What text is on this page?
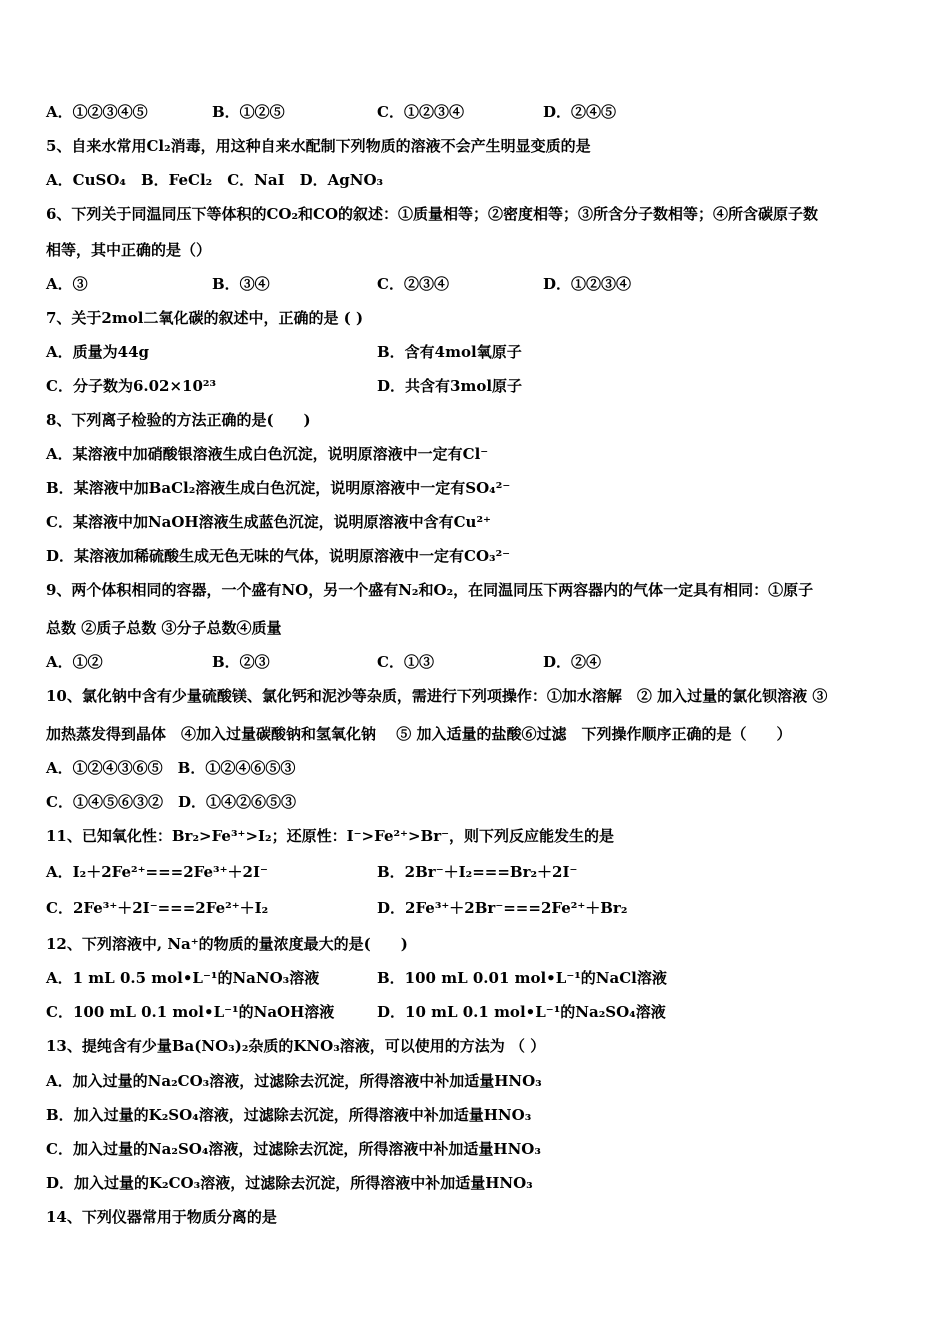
A．①②③④⑤	B．①②⑤	C．①②③④	D．②④⑤
5、自来水常用Cl₂消毒，用这种自来水配制下列物质的溶液不会产生明显变质的是
A．CuSO₄　B．FeCl₂　C．NaI　D．AgNO₃
6、下列关于同温同压下等体积的CO₂和CO的叙述：①质量相等；②密度相等；③所含分子数相等；④所含碳原子数
相等，其中正确的是（）
A．③	B．③④	C．②③④	D．①②③④
7、关于2mol二氧化碳的叙述中，正确的是 ( )
A．质量为44g	B．含有4mol氧原子
C．分子数为6.02×10²³	D．共含有3mol原子
8、下列离子检验的方法正确的是(　　)
A．某溶液中加硝酸银溶液生成白色沉淀，说明原溶液中一定有Cl⁻
B．某溶液中加BaCl₂溶液生成白色沉淀，说明原溶液中一定有SO₄²⁻
C．某溶液中加NaOH溶液生成蓝色沉淀，说明原溶液中含有Cu²⁺
D．某溶液加稀硫酸生成无色无味的气体，说明原溶液中一定有CO₃²⁻
9、两个体积相同的容器，一个盛有NO，另一个盛有N₂和O₂，在同温同压下两容器内的气体一定具有相同：①原子
总数 ②质子总数 ③分子总数④质量
A．①②	B．②③	C．①③	D．②④
10、氯化钠中含有少量硫酸镁、氯化钙和泥沙等杂质，需进行下列项操作：①加水溶解　② 加入过量的氯化钡溶液 ③
加热蒸发得到晶体　④加入过量碳酸钠和氢氧化钠　 ⑤ 加入适量的盐酸⑥过滤　下列操作顺序正确的是（　　）
A．①②④③⑥⑤　B．①②④⑥⑤③
C．①④⑤⑥③②　D．①④②⑥⑤③
11、已知氧化性：Br₂>Fe³⁺>I₂；还原性：I⁻>Fe²⁺>Br⁻，则下列反应能发生的是
A．I₂＋2Fe²⁺===2Fe³⁺＋2I⁻	B．2Br⁻＋I₂===Br₂＋2I⁻
C．2Fe³⁺＋2I⁻===2Fe²⁺＋I₂	D．2Fe³⁺＋2Br⁻===2Fe²⁺＋Br₂
12、下列溶液中, Na⁺的物质的量浓度最大的是(　　)
A．1 mL 0.5 mol•L⁻¹的NaNO₃溶液	B．100 mL 0.01 mol•L⁻¹的NaCl溶液
C．100 mL 0.1 mol•L⁻¹的NaOH溶液	D．10 mL 0.1 mol•L⁻¹的Na₂SO₄溶液
13、提纯含有少量Ba(NO₃)₂杂质的KNO₃溶液，可以使用的方法为 （ ）
A．加入过量的Na₂CO₃溶液，过滤除去沉淀，所得溶液中补加适量HNO₃
B．加入过量的K₂SO₄溶液，过滤除去沉淀，所得溶液中补加适量HNO₃
C．加入过量的Na₂SO₄溶液，过滤除去沉淀，所得溶液中补加适量HNO₃
D．加入过量的K₂CO₃溶液，过滤除去沉淀，所得溶液中补加适量HNO₃
14、下列仪器常用于物质分离的是
